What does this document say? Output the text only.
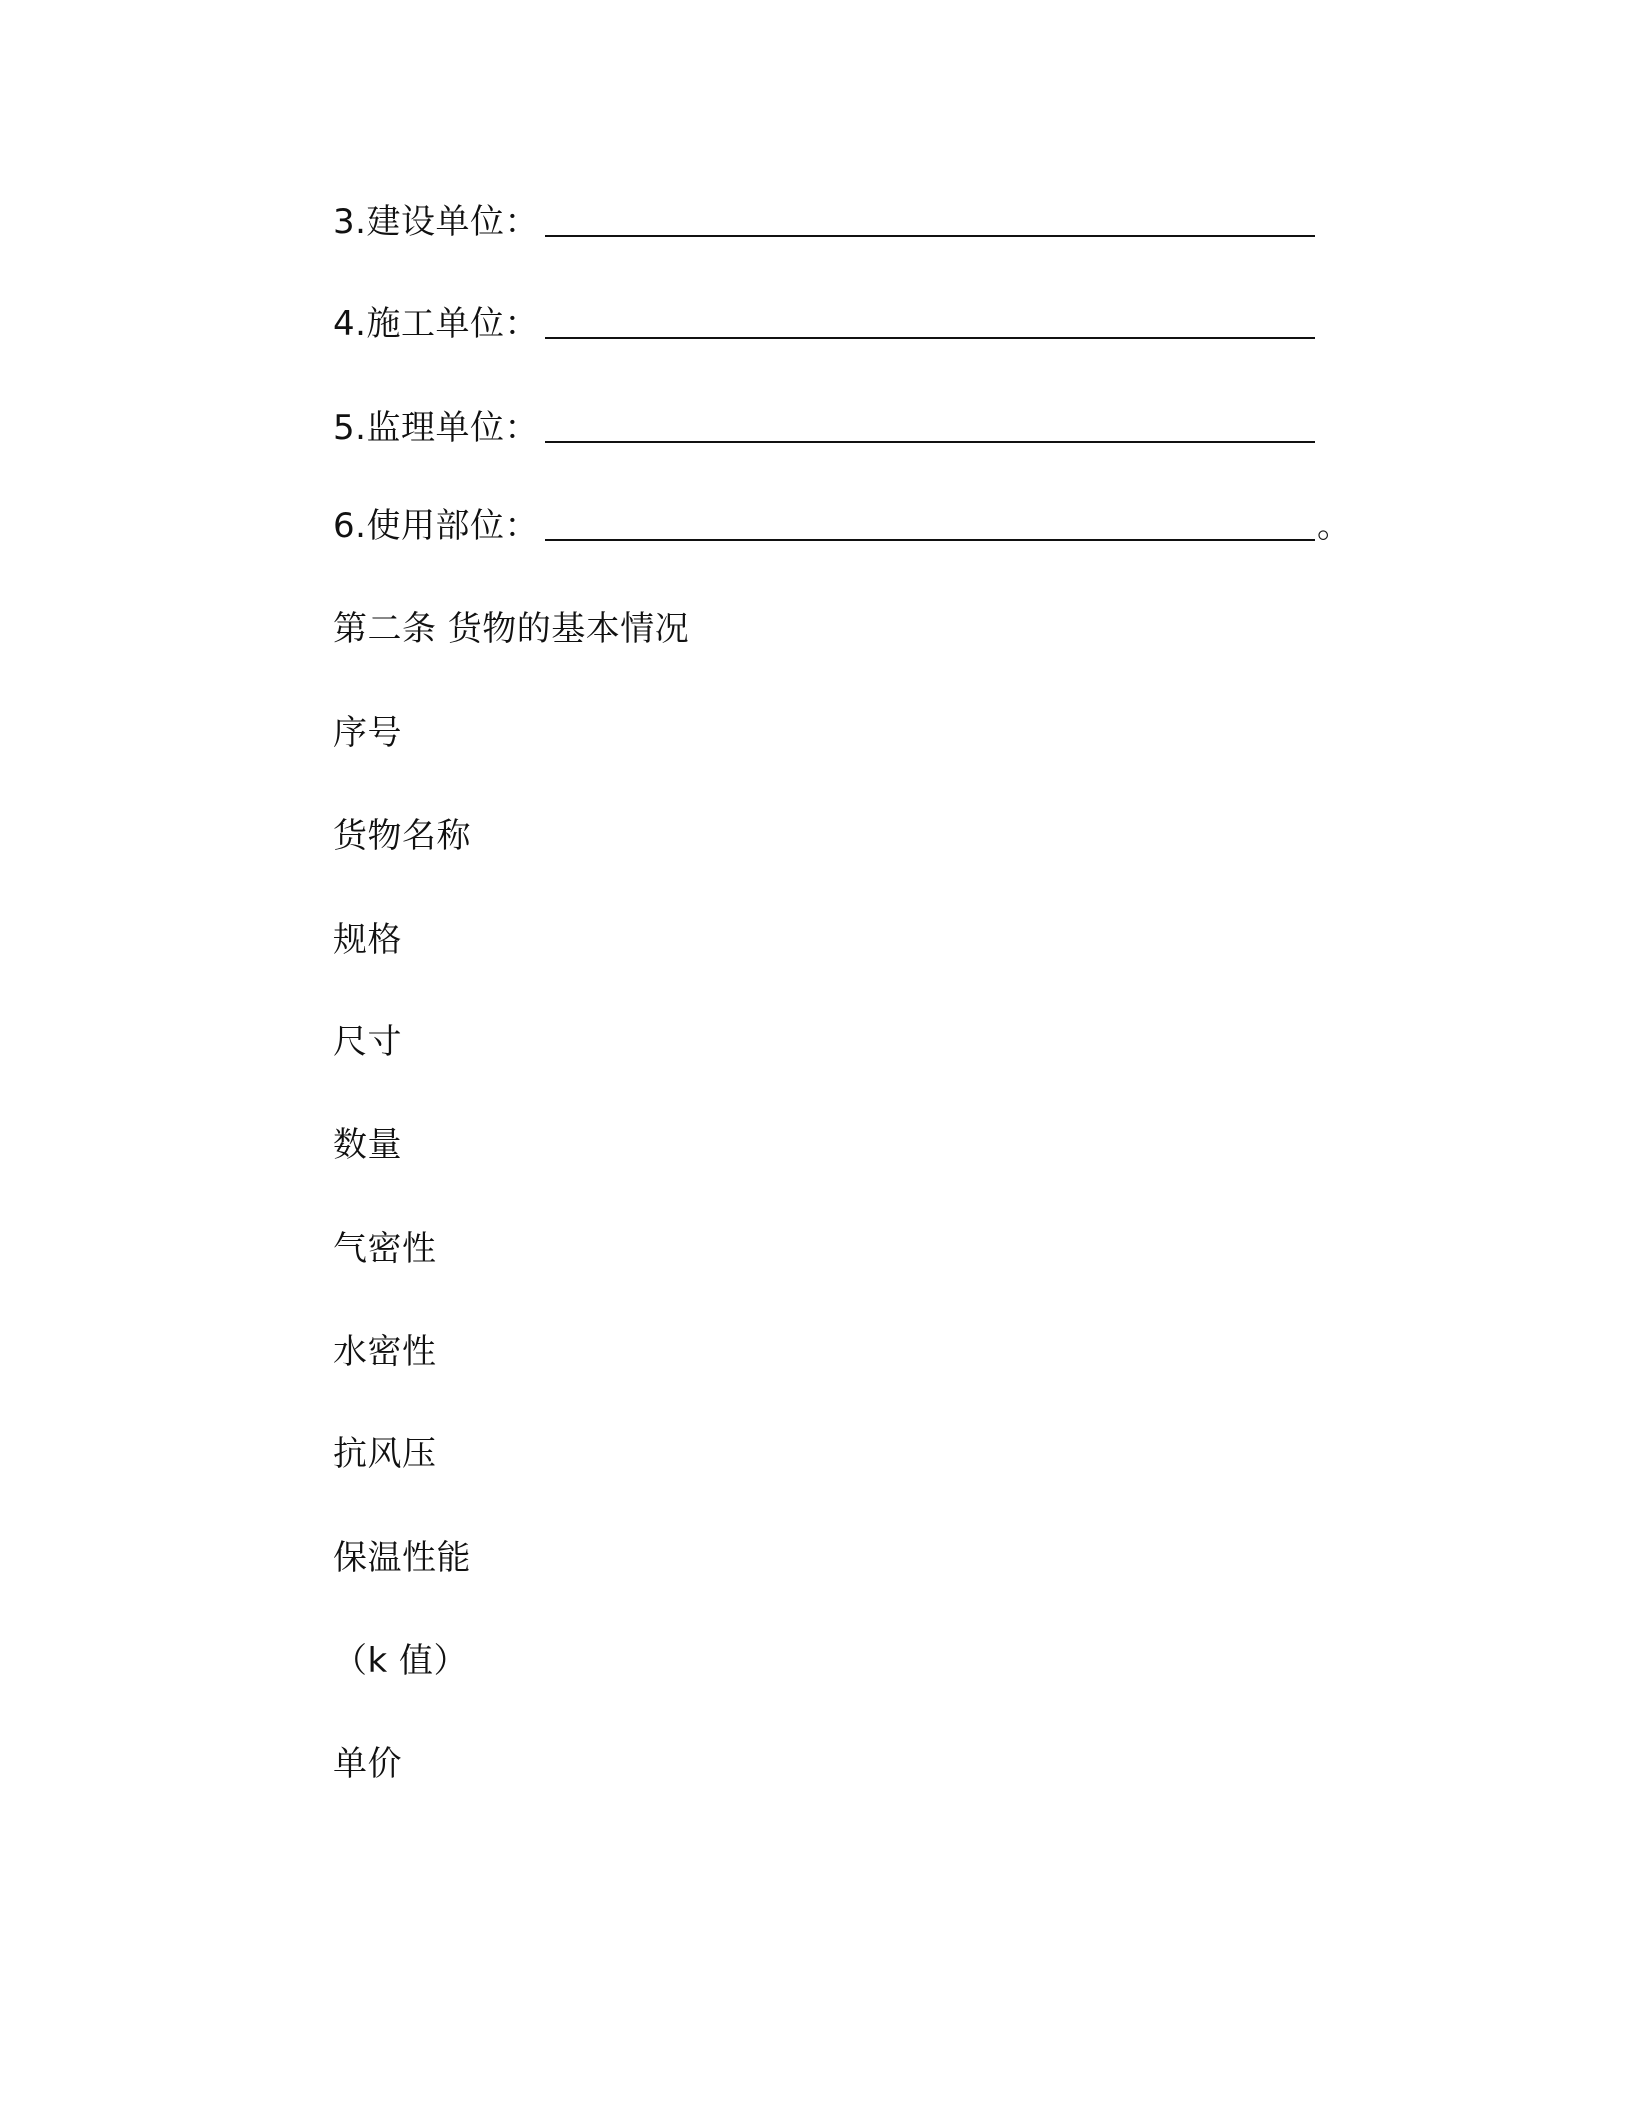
3.建设单位：
4.施工单位：
5.监理单位：
6.使用部位：	。
第二条 货物的基本情况
序号
货物名称
规格
尺寸
数量
气密性
水密性
抗风压
保温性能
（k 值）
单价
